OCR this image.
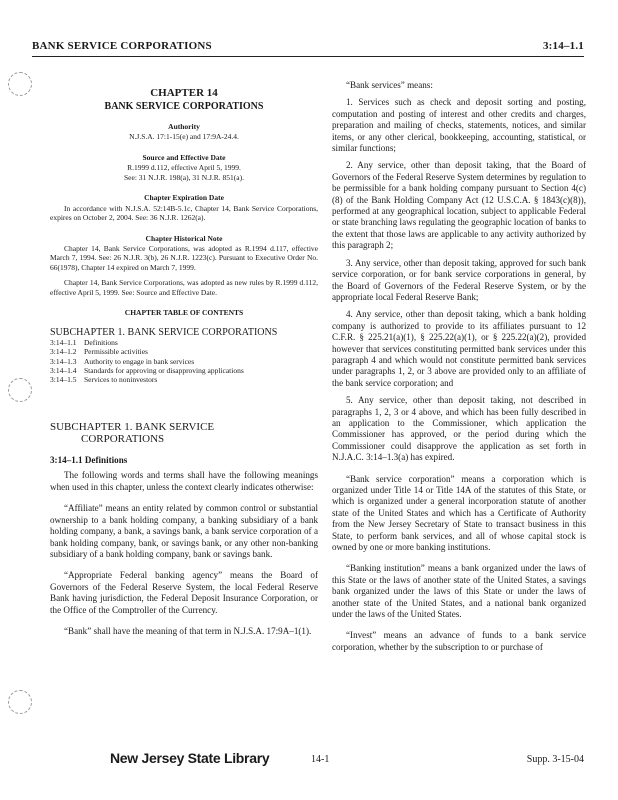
BANK SERVICE CORPORATIONS	3:14–1.1
CHAPTER 14
BANK SERVICE CORPORATIONS
Authority
N.J.S.A. 17:1-15(e) and 17:9A-24.4.
Source and Effective Date
R.1999 d.112, effective April 5, 1999.
See: 31 N.J.R. 198(a), 31 N.J.R. 851(a).
Chapter Expiration Date
In accordance with N.J.S.A. 52:14B-5.1c, Chapter 14, Bank Service Corporations, expires on October 2, 2004. See: 36 N.J.R. 1262(a).
Chapter Historical Note
Chapter 14, Bank Service Corporations, was adopted as R.1994 d.117, effective March 7, 1994. See: 26 N.J.R. 3(b), 26 N.J.R. 1223(c). Pursuant to Executive Order No. 66(1978), Chapter 14 expired on March 7, 1999.
Chapter 14, Bank Service Corporations, was adopted as new rules by R.1999 d.112, effective April 5, 1999. See: Source and Effective Date.
CHAPTER TABLE OF CONTENTS
SUBCHAPTER 1. BANK SERVICE CORPORATIONS
3:14–1.1 Definitions
3:14–1.2 Permissible activities
3:14–1.3 Authority to engage in bank services
3:14–1.4 Standards for approving or disapproving applications
3:14–1.5 Services to noninvestors
SUBCHAPTER 1. BANK SERVICE
CORPORATIONS
3:14–1.1 Definitions

The following words and terms shall have the following meanings when used in this chapter, unless the context clearly indicates otherwise:

“Affiliate” means an entity related by common control or substantial ownership to a bank holding company, a banking subsidiary of a bank holding company, a bank, a savings bank, a bank service corporation of a bank holding company, bank, or savings bank, or any other non-banking subsidiary of a bank holding company, bank or savings bank.

“Appropriate Federal banking agency” means the Board of Governors of the Federal Reserve System, the local Federal Reserve Bank having jurisdiction, the Federal Deposit Insurance Corporation, or the Office of the Comptroller of the Currency.

“Bank” shall have the meaning of that term in N.J.S.A. 17:9A–1(1).

“Bank services” means:

1. Services such as check and deposit sorting and posting, computation and posting of interest and other credits and charges, preparation and mailing of checks, statements, notices, and similar items, or any other clerical, bookkeeping, accounting, statistical, or similar functions;

2. Any service, other than deposit taking, that the Board of Governors of the Federal Reserve System determines by regulation to be permissible for a bank holding company pursuant to Section 4(c)(8) of the Bank Holding Company Act (12 U.S.C.A. § 1843(c)(8)), performed at any geographical location, subject to applicable Federal or state branching laws regulating the geographic location of banks to the extent that those laws are applicable to any activity authorized by this paragraph 2;

3. Any service, other than deposit taking, approved for such bank service corporation, or for bank service corporations in general, by the Board of Governors of the Federal Reserve System, or by the appropriate local Federal Reserve Bank;

4. Any service, other than deposit taking, which a bank holding company is authorized to provide to its affiliates pursuant to 12 C.F.R. § 225.21(a)(1), § 225.22(a)(1), or § 225.22(a)(2), provided however that services constituting permitted bank services under this paragraph 4 and which would not constitute permitted bank services under paragraphs 1, 2, or 3 above are provided only to an affiliate of the bank service corporation; and

5. Any service, other than deposit taking, not described in paragraphs 1, 2, 3 or 4 above, and which has been fully described in an application to the Commissioner, which application the Commissioner has approved, or the period during which the Commissioner could disapprove the application as set forth in N.J.A.C. 3:14–1.3(a) has expired.

“Bank service corporation” means a corporation which is organized under Title 14 or Title 14A of the statutes of this State, or which is organized under a general incorporation statute of another state of the United States and which has a Certificate of Authority from the New Jersey Secretary of State to transact business in this State, to perform bank services, and all of whose capital stock is owned by one or more banking institutions.

“Banking institution” means a bank organized under the laws of this State or the laws of another state of the United States, a savings bank organized under the laws of this State or under the laws of another state of the United States, and a national bank organized under the laws of the United States.

“Invest” means an advance of funds to a bank service corporation, whether by the subscription to or purchase of

New Jersey State Library	14-1	Supp. 3-15-04
